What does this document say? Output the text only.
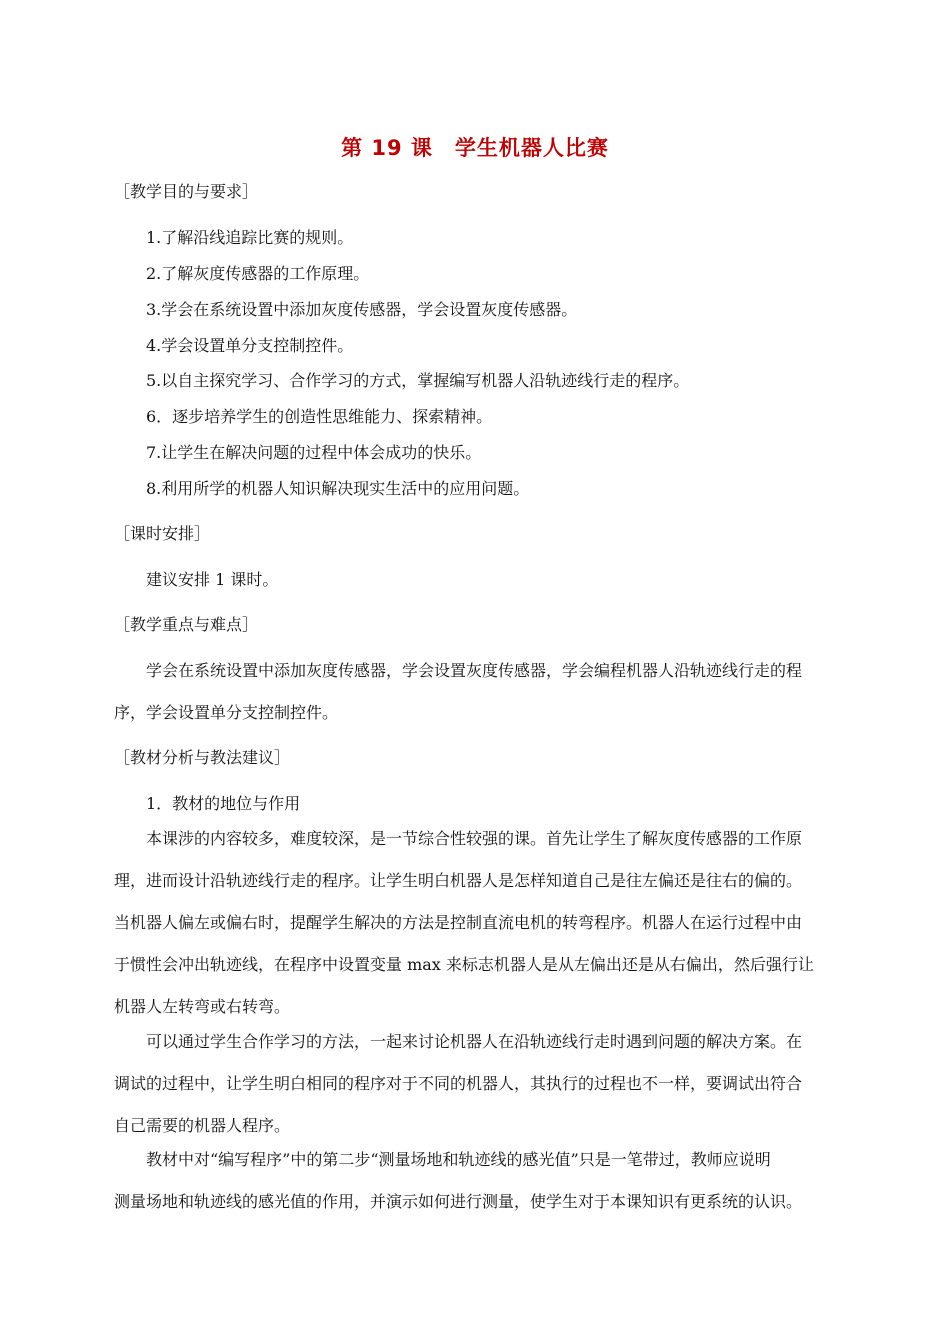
第 19 课　学生机器人比赛
［教学目的与要求］
1.了解沿线追踪比赛的规则。
2.了解灰度传感器的工作原理。
3.学会在系统设置中添加灰度传感器，学会设置灰度传感器。
4.学会设置单分支控制控件。
5.以自主探究学习、合作学习的方式，掌握编写机器人沿轨迹线行走的程序。
6．逐步培养学生的创造性思维能力、探索精神。
7.让学生在解决问题的过程中体会成功的快乐。
8.利用所学的机器人知识解决现实生活中的应用问题。
［课时安排］
建议安排 1 课时。
［教学重点与难点］
学会在系统设置中添加灰度传感器，学会设置灰度传感器，学会编程机器人沿轨迹线行走的程
序，学会设置单分支控制控件。
［教材分析与教法建议］
1．教材的地位与作用
本课涉的内容较多，难度较深，是一节综合性较强的课。首先让学生了解灰度传感器的工作原
理，进而设计沿轨迹线行走的程序。让学生明白机器人是怎样知道自己是往左偏还是往右的偏的。
当机器人偏左或偏右时，提醒学生解决的方法是控制直流电机的转弯程序。机器人在运行过程中由
于惯性会冲出轨迹线，在程序中设置变量 max 来标志机器人是从左偏出还是从右偏出，然后强行让
机器人左转弯或右转弯。
可以通过学生合作学习的方法，一起来讨论机器人在沿轨迹线行走时遇到问题的解决方案。在
调试的过程中，让学生明白相同的程序对于不同的机器人，其执行的过程也不一样，要调试出符合
自己需要的机器人程序。
教材中对“编写程序”中的第二步“测量场地和轨迹线的感光值”只是一笔带过，教师应说明
测量场地和轨迹线的感光值的作用，并演示如何进行测量，使学生对于本课知识有更系统的认识。
